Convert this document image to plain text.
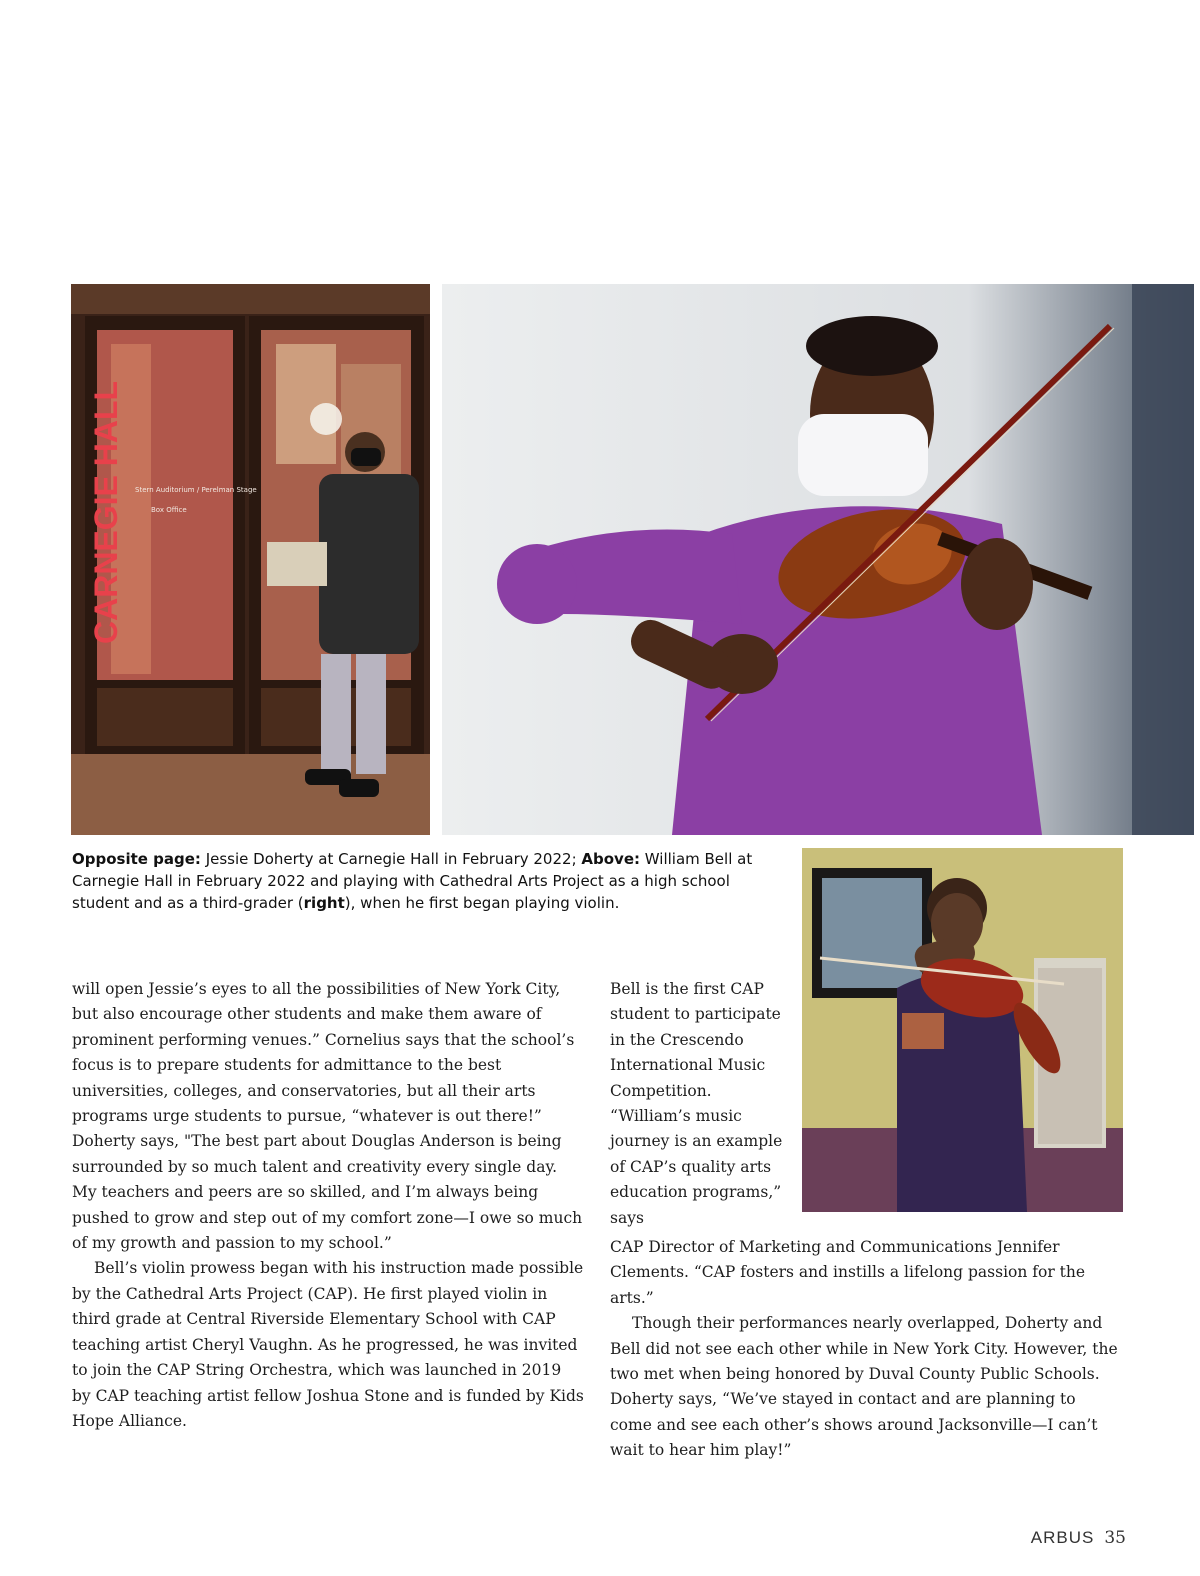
CARNEGIE HALL Stern Auditorium / Perelman Stage
Box Office
Opposite page: Jessie Doherty at Carnegie Hall in February 2022; Above: William Bell at Carnegie Hall in February 2022 and playing with Cathedral Arts Project as a high school student and as a third-grader (right), when he first began playing violin.

will open Jessie’s eyes to all the possibilities of New York City, but also encourage other students and make them aware of prominent performing venues.” Cornelius says that the school’s focus is to prepare students for admittance to the best universities, colleges, and conservatories, but all their arts programs urge students to pursue, “whatever is out there!” Doherty says, "The best part about Douglas Anderson is being surrounded by so much talent and creativity every single day. My teachers and peers are so skilled, and I’m always being pushed to grow and step out of my comfort zone—I owe so much of my growth and passion to my school.”

Bell’s violin prowess began with his instruction made possible by the Cathedral Arts Project (CAP). He first played violin in third grade at Central Riverside Elementary School with CAP teaching artist Cheryl Vaughn. As he progressed, he was invited to join the CAP String Orchestra, which was launched in 2019 by CAP teaching artist fellow Joshua Stone and is funded by Kids Hope Alliance.

Bell is the first CAP student to participate in the Crescendo International Music Competition. “William’s music journey is an example of CAP’s quality arts education programs,” says

CAP Director of Marketing and Communications Jennifer Clements. “CAP fosters and instills a lifelong passion for the arts.”

Though their performances nearly overlapped, Doherty and Bell did not see each other while in New York City. However, the two met when being honored by Duval County Public Schools. Doherty says, “We’ve stayed in contact and are planning to come and see each other’s shows around Jacksonville—I can’t wait to hear him play!”

ARBUS 35
